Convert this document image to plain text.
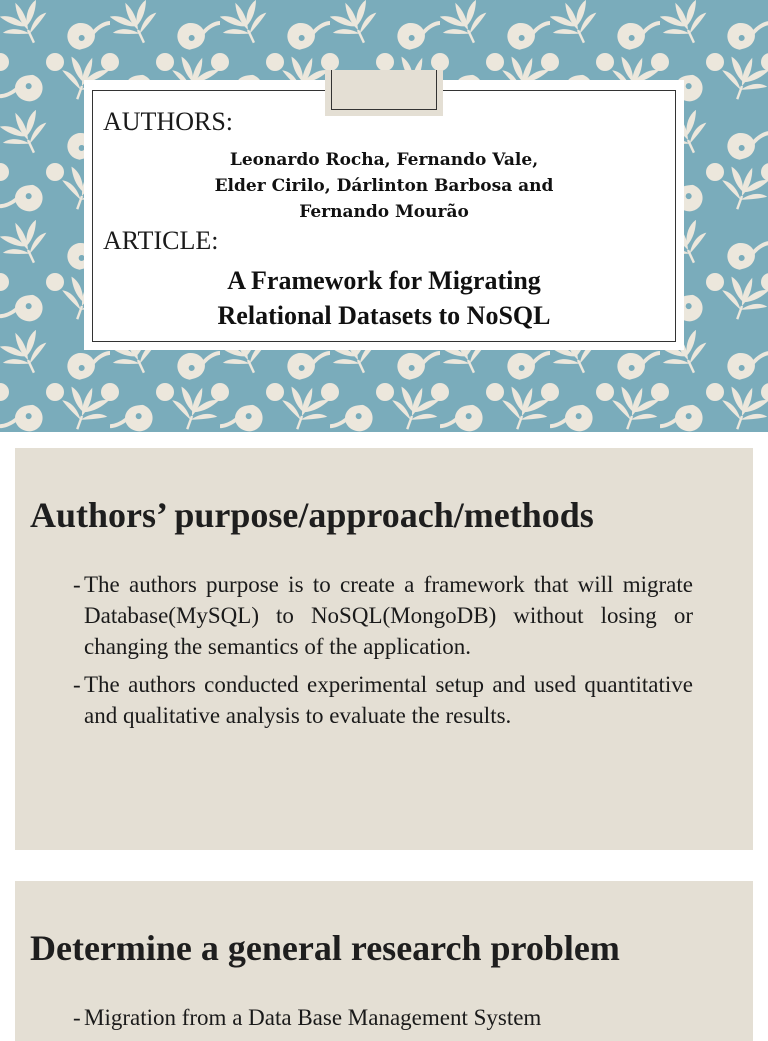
AUTHORS:
Leonardo Rocha, Fernando Vale,
Elder Cirilo, Dárlinton Barbosa and
Fernando Mourão
ARTICLE:
A Framework for Migrating
Relational Datasets to NoSQL
Authors’ purpose/approach/methods
- The authors purpose is to create a framework that will migrate Database(MySQL) to NoSQL(MongoDB) without losing or changing the semantics of the application.
- The authors conducted experimental setup and used quantitative and qualitative analysis to evaluate the results.
Determine a general research problem
- Migration from a Data Base Management System
